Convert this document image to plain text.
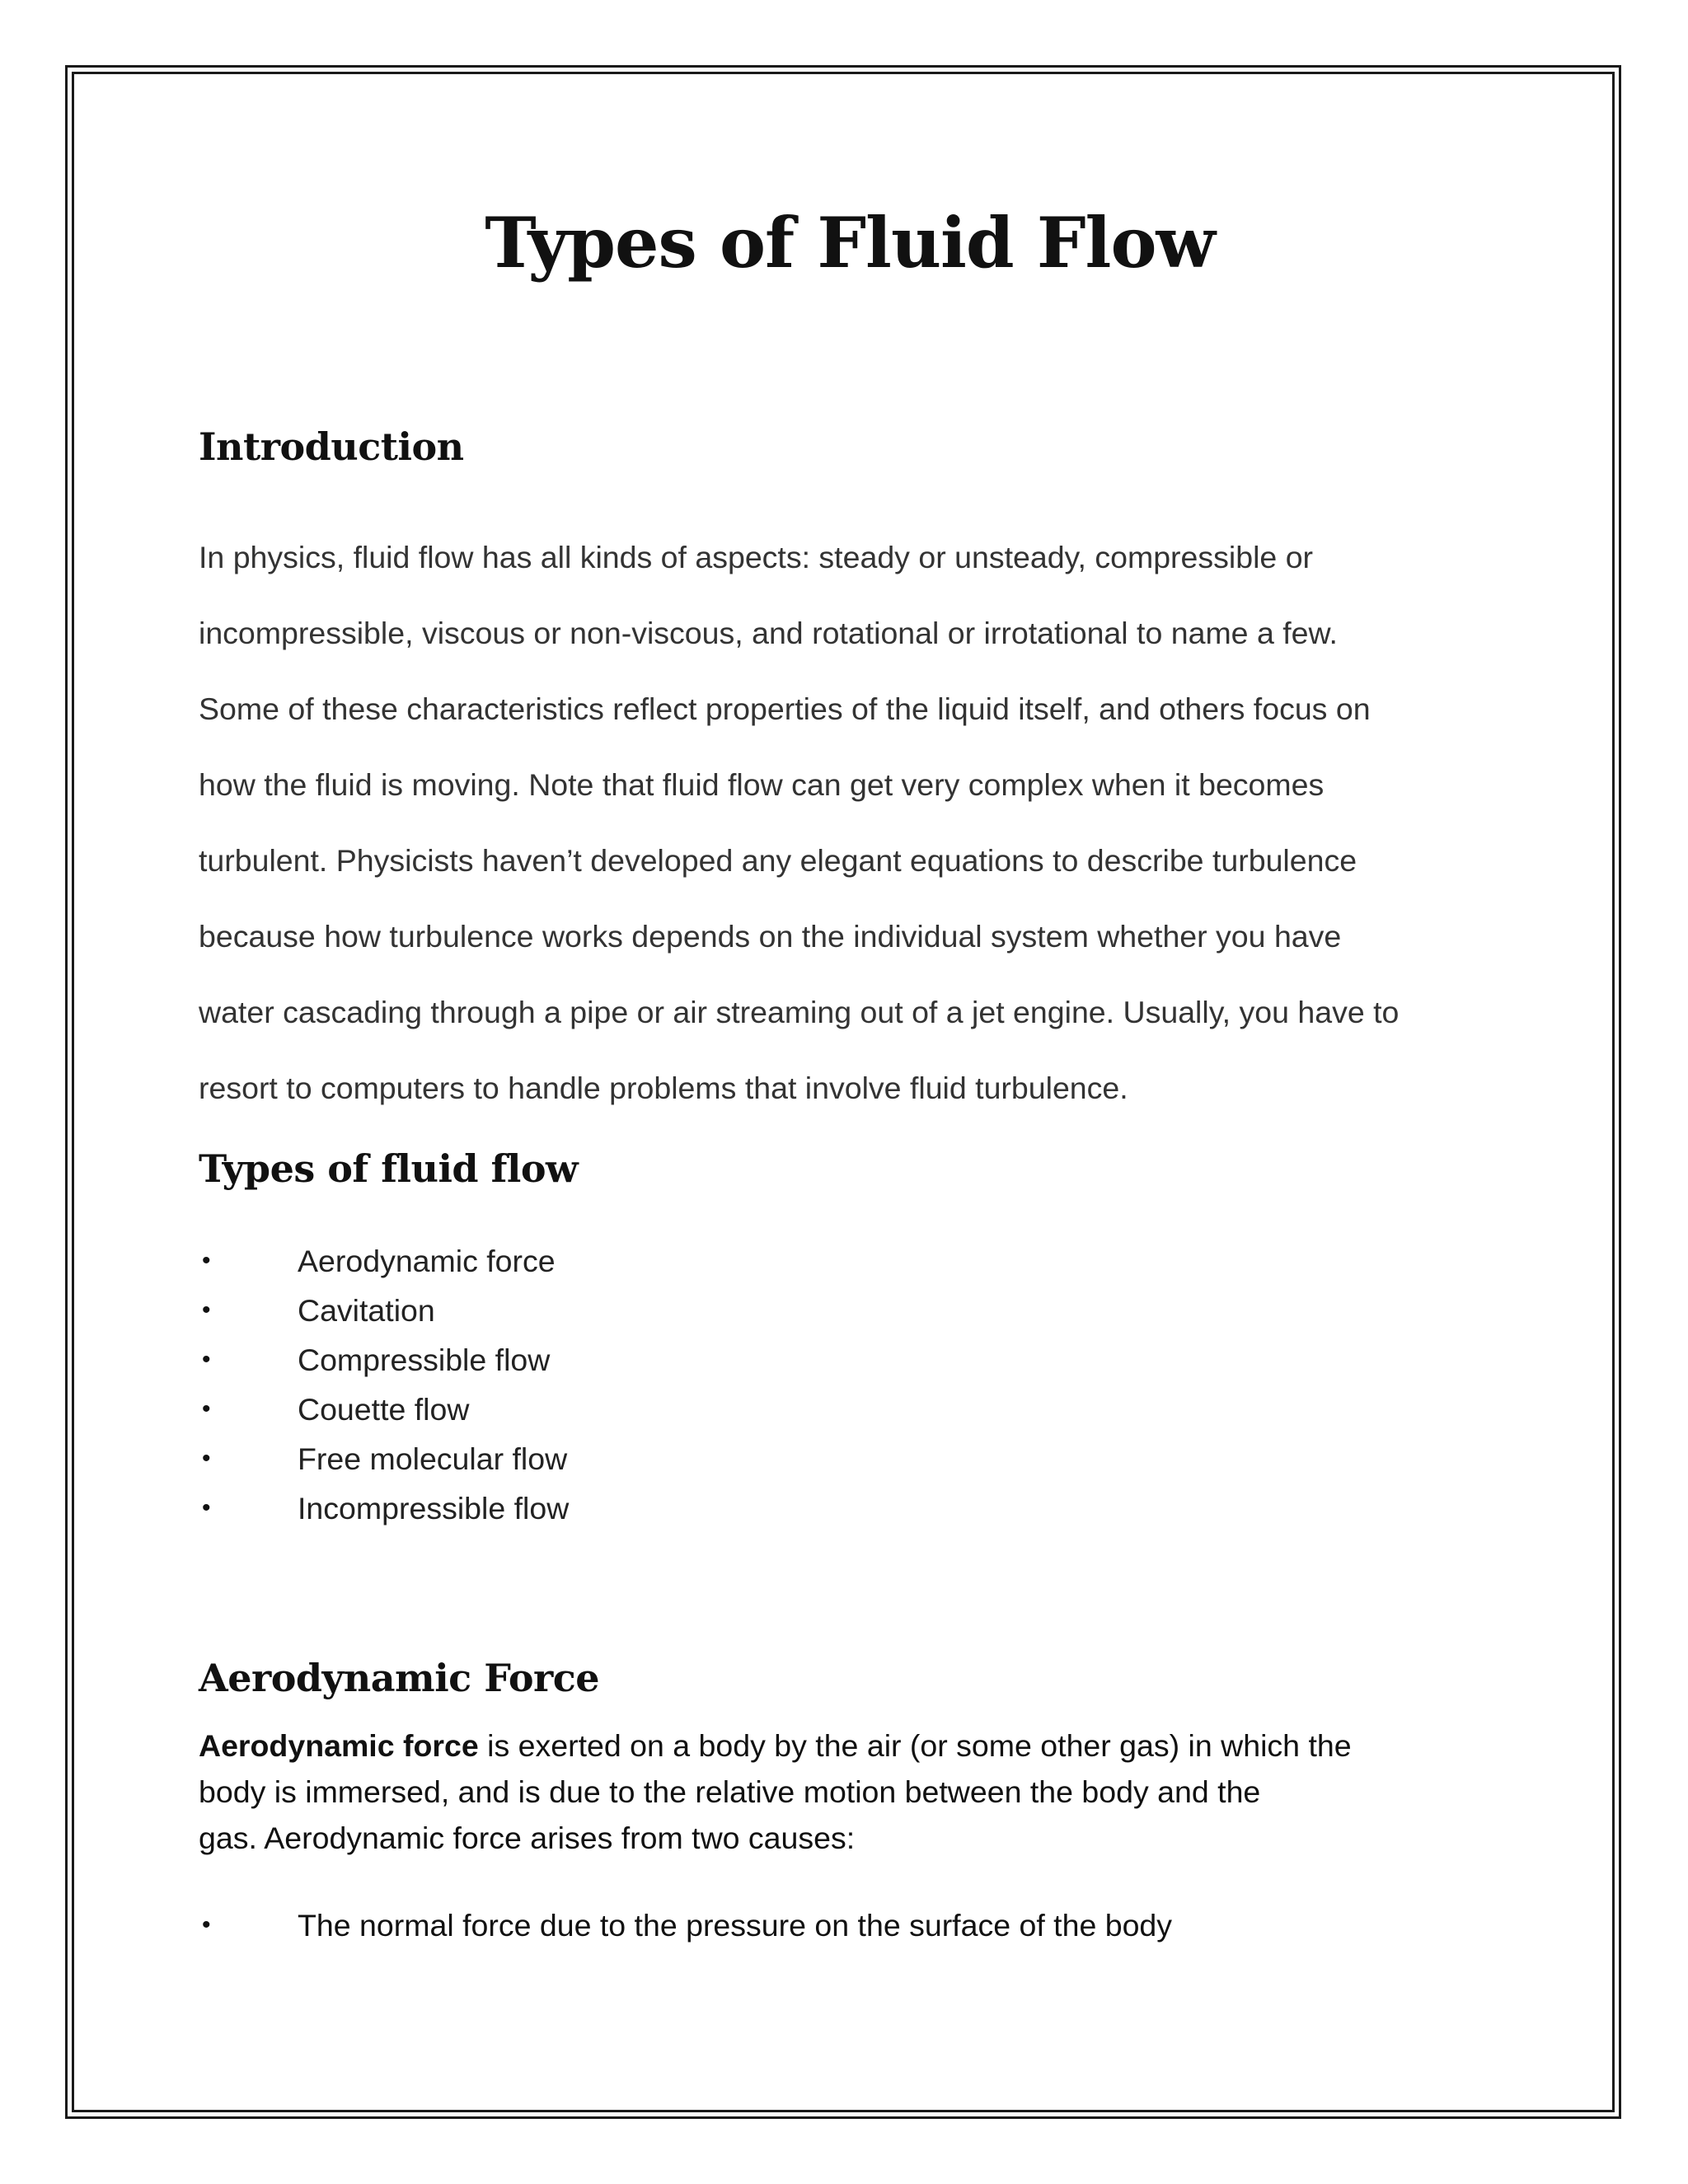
Types of Fluid Flow
Introduction

In physics, fluid flow has all kinds of aspects: steady or unsteady, compressible or
incompressible, viscous or non-viscous, and rotational or irrotational to name a few.
Some of these characteristics reflect properties of the liquid itself, and others focus on
how the fluid is moving. Note that fluid flow can get very complex when it becomes
turbulent. Physicists haven’t developed any elegant equations to describe turbulence
because how turbulence works depends on the individual system whether you have
water cascading through a pipe or air streaming out of a jet engine. Usually, you have to
resort to computers to handle problems that involve fluid turbulence.

Types of fluid flow
•	Aerodynamic force
•	Cavitation
•	Compressible flow
•	Couette flow
•	Free molecular flow
•	Incompressible flow
Aerodynamic Force

Aerodynamic force is exerted on a body by the air (or some other gas) in which the
body is immersed, and is due to the relative motion between the body and the
gas. Aerodynamic force arises from two causes:

•	The normal force due to the pressure on the surface of the body
